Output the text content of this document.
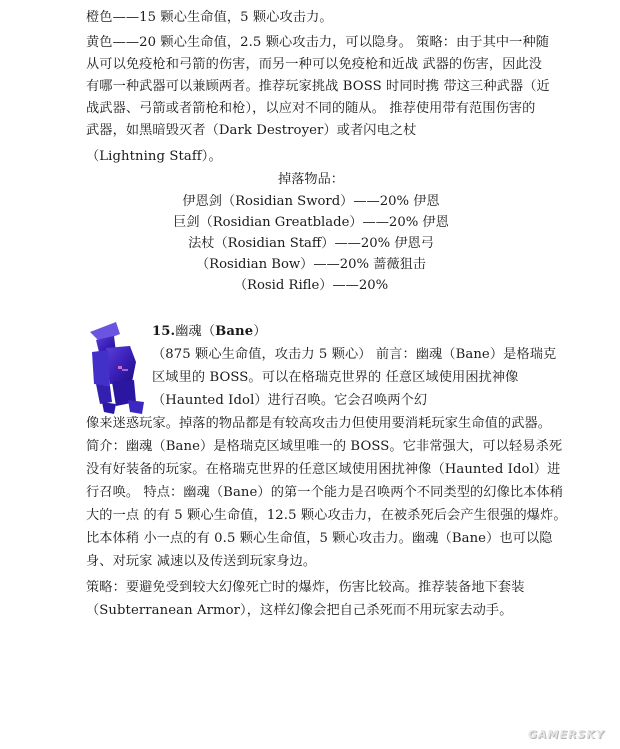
橙色——15 颗心生命值，5 颗心攻击力。
黄色——20 颗心生命值，2.5 颗心攻击力，可以隐身。 策略：由于其中一种随
从可以免疫枪和弓箭的伤害，而另一种可以免疫枪和近战 武器的伤害，因此没
有哪一种武器可以兼顾两者。推荐玩家挑战 BOSS 时同时携 带这三种武器（近
战武器、弓箭或者箭枪和枪），以应对不同的随从。 推荐使用带有范围伤害的
武器，如黑暗毁灭者（Dark Destroyer）或者闪电之杖
（Lightning Staff）。
掉落物品：
伊恩剑（Rosidian Sword）——20% 伊恩
巨剑（Rosidian Greatblade）——20% 伊恩
法杖（Rosidian Staff）——20% 伊恩弓
（Rosidian Bow）——20% 蔷薇狙击
（Rosid Rifle）——20%
15.幽魂（Bane）
（875 颗心生命值，攻击力 5 颗心） 前言：幽魂（Bane）是格瑞克
区域里的 BOSS。可以在格瑞克世界的 任意区域使用困扰神像
（Haunted Idol）进行召唤。它会召唤两个幻
像来迷惑玩家。掉落的物品都是有较高攻击力但使用要消耗玩家生命值的武器。
简介：幽魂（Bane）是格瑞克区域里唯一的 BOSS。它非常强大，可以轻易杀死
没有好装备的玩家。在格瑞克世界的任意区域使用困扰神像（Haunted Idol）进
行召唤。 特点：幽魂（Bane）的第一个能力是召唤两个不同类型的幻像比本体稍
大的一点 的有 5 颗心生命值，12.5 颗心攻击力，在被杀死后会产生很强的爆炸。
比本体稍 小一点的有 0.5 颗心生命值，5 颗心攻击力。幽魂（Bane）也可以隐
身、对玩家 减速以及传送到玩家身边。
策略：要避免受到较大幻像死亡时的爆炸，伤害比较高。推荐装备地下套装
（Subterranean Armor），这样幻像会把自己杀死而不用玩家去动手。
GAMERSKY
